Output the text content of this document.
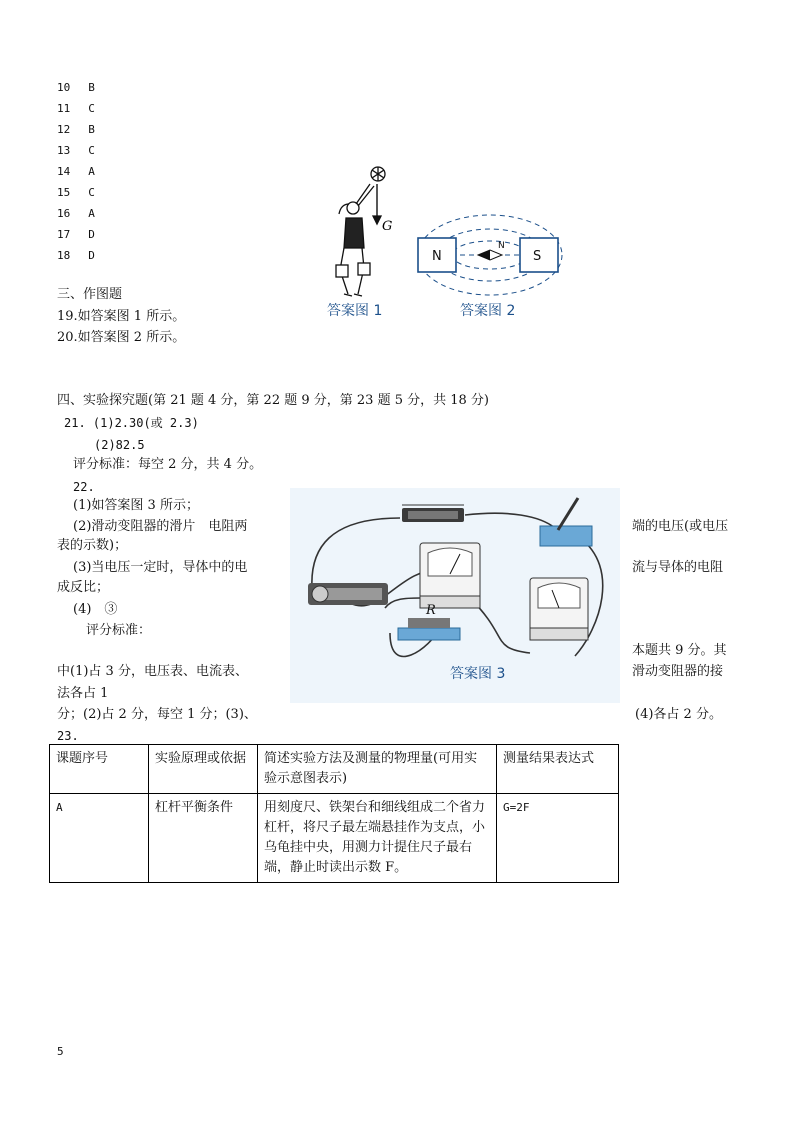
10 B
11 C
12 B
13 C
14 A
15 C
16 A
17 D
18 D
三、作图题
19.如答案图 1 所示。
20.如答案图 2 所示。
G
答案图 1
N	S
N
答案图 2
四、实验探究题(第 21 题 4 分，第 22 题 9 分，第 23 题 5 分，共 18 分)
21. (1)2.30(或 2.3)
(2)82.5
评分标准：每空 2 分，共 4 分。
22.
(1)如答案图 3 所示；
(2)滑动变阻器的滑片　电阻两	端的电压(或电压
表的示数)；
(3)当电压一定时，导体中的电	流与导体的电阻
成反比；
(4)　③
评分标准：
本题共 9 分。其
中(1)占 3 分，电压表、电流表、	滑动变阻器的接
法各占 1
分；(2)占 2 分，每空 1 分；(3)、	(4)各占 2 分。
23.
R
答案图 3
课题序号	实验原理或依据	简述实验方法及测量的物理量(可用实验示意图表示)	测量结果表达式
A	杠杆平衡条件	用刻度尺、铁架台和细线组成二个省力杠杆，将尺子最左端悬挂作为支点，小乌龟挂中央，用测力计提住尺子最右端，静止时读出示数 F。	G=2F
5
